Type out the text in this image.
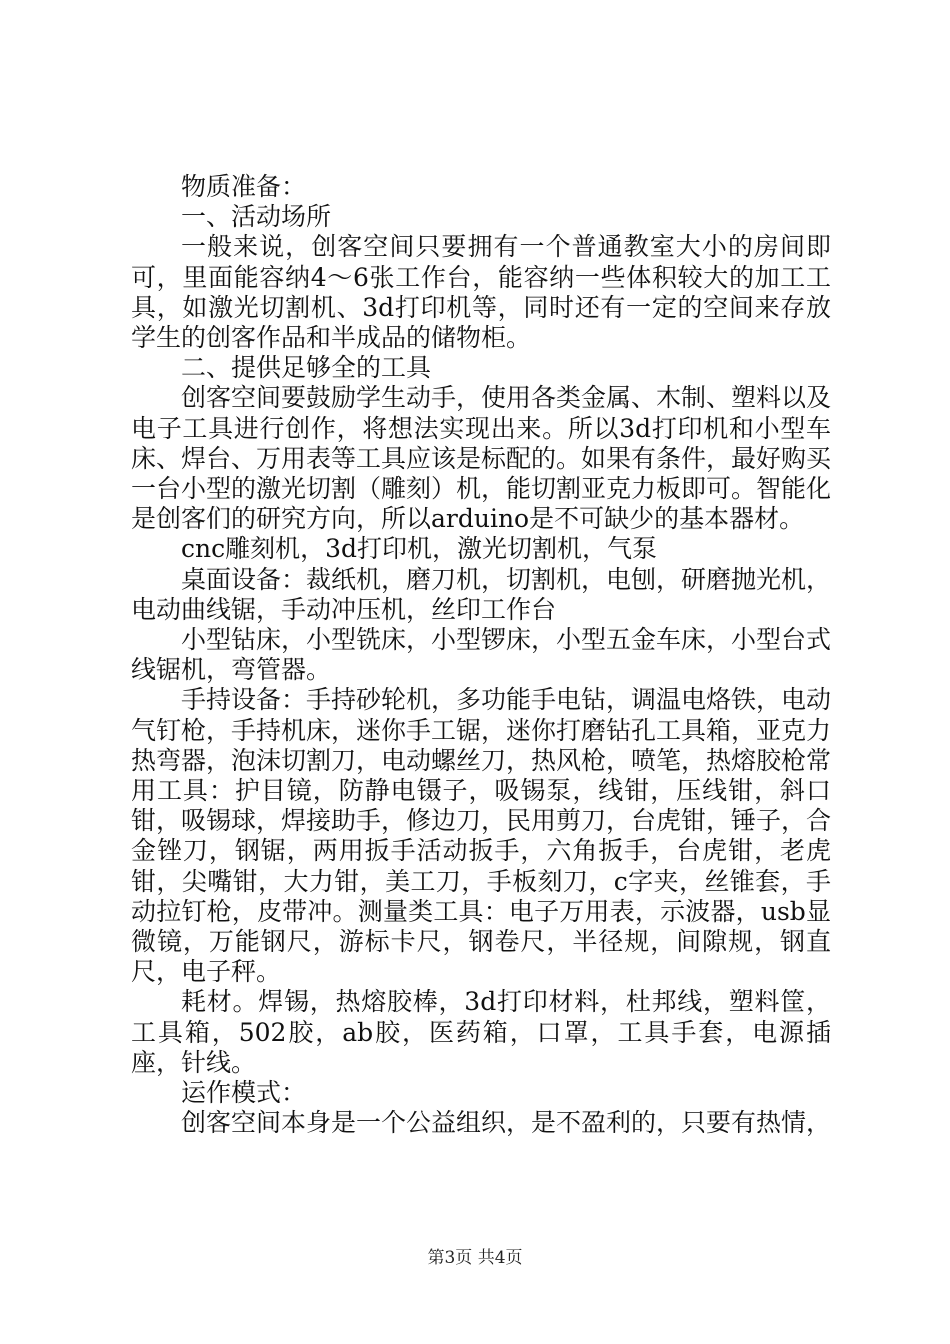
物质准备：

一、活动场所

一般来说，创客空间只要拥有一个普通教室大小的房间即可，里面能容纳4～6张工作台，能容纳一些体积较大的加工工具，如激光切割机、3d打印机等，同时还有一定的空间来存放学生的创客作品和半成品的储物柜。

二、提供足够全的工具

创客空间要鼓励学生动手，使用各类金属、木制、塑料以及电子工具进行创作，将想法实现出来。所以3d打印机和小型车床、焊台、万用表等工具应该是标配的。如果有条件，最好购买一台小型的激光切割（雕刻）机，能切割亚克力板即可。智能化是创客们的研究方向，所以arduino是不可缺少的基本器材。

cnc雕刻机，3d打印机，激光切割机，气泵

桌面设备：裁纸机，磨刀机，切割机，电刨，研磨抛光机，电动曲线锯，手动冲压机，丝印工作台

小型钻床，小型铣床，小型锣床，小型五金车床，小型台式线锯机，弯管器。

手持设备：手持砂轮机，多功能手电钻，调温电烙铁，电动气钉枪，手持机床，迷你手工锯，迷你打磨钻孔工具箱，亚克力热弯器，泡沫切割刀，电动螺丝刀，热风枪，喷笔，热熔胶枪常用工具：护目镜，防静电镊子，吸锡泵，线钳，压线钳，斜口钳，吸锡球，焊接助手，修边刀，民用剪刀，台虎钳，锤子，合金锉刀，钢锯，两用扳手活动扳手，六角扳手，台虎钳，老虎钳，尖嘴钳，大力钳，美工刀，手板刻刀，c字夹，丝锥套，手动拉钉枪，皮带冲。测量类工具：电子万用表，示波器，usb显微镜，万能钢尺，游标卡尺，钢卷尺，半径规，间隙规，钢直尺，电子秤。

耗材。焊锡，热熔胶棒，3d打印材料，杜邦线，塑料筐，工具箱，502胶，ab胶，医药箱，口罩，工具手套，电源插座，针线。

运作模式：

创客空间本身是一个公益组织，是不盈利的，只要有热情，

第3页 共4页
